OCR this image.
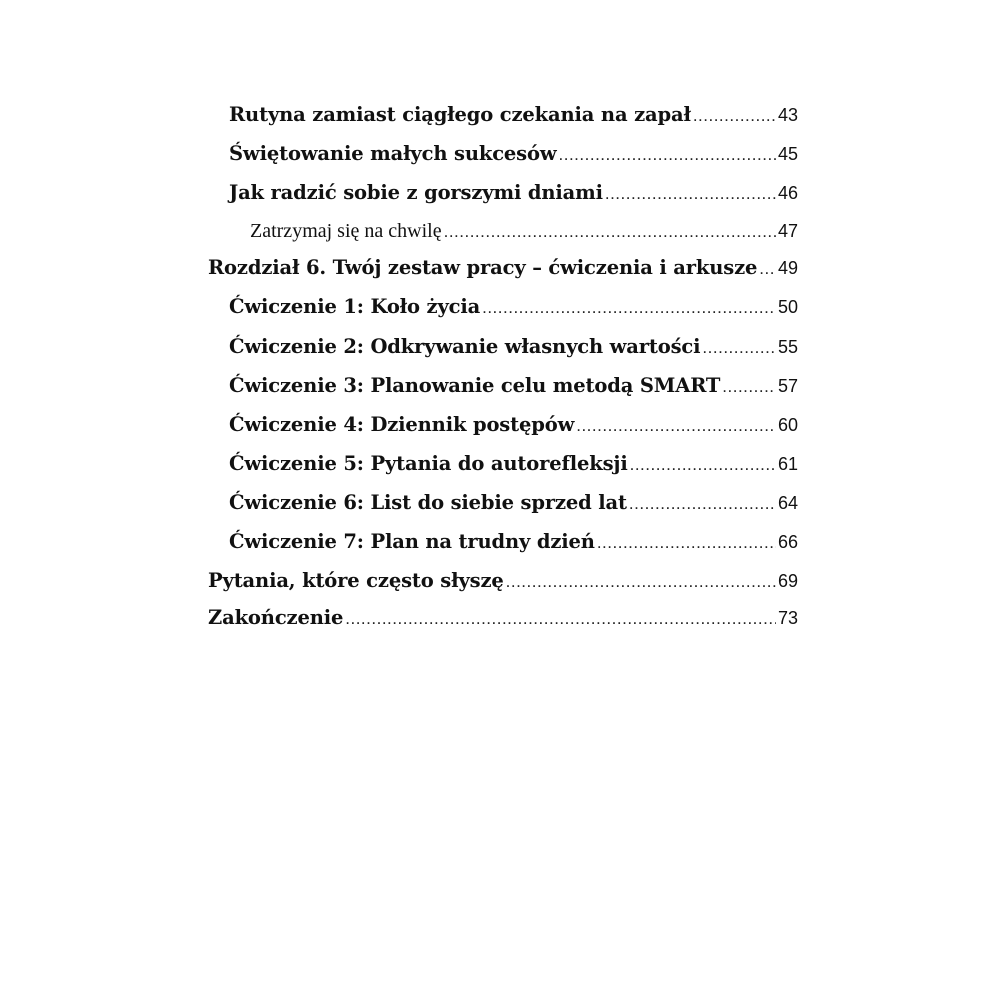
Rutyna zamiast ciągłego czekania na zapał .....	43
Świętowanie małych sukcesów .....	45
Jak radzić sobie z gorszymi dniami .....	46
Zatrzymaj się na chwilę .....	47
Rozdział 6. Twój zestaw pracy – ćwiczenia i arkusze ..... 49
Ćwiczenie 1: Koło życia .....	50
Ćwiczenie 2: Odkrywanie własnych wartości .....	55
Ćwiczenie 3: Planowanie celu metodą SMART .....	57
Ćwiczenie 4: Dziennik postępów .....	60
Ćwiczenie 5: Pytania do autorefleksji .....	61
Ćwiczenie 6: List do siebie sprzed lat .....	64
Ćwiczenie 7: Plan na trudny dzień .....	66
Pytania, które często słyszę .....	69
Zakończenie .....	73
